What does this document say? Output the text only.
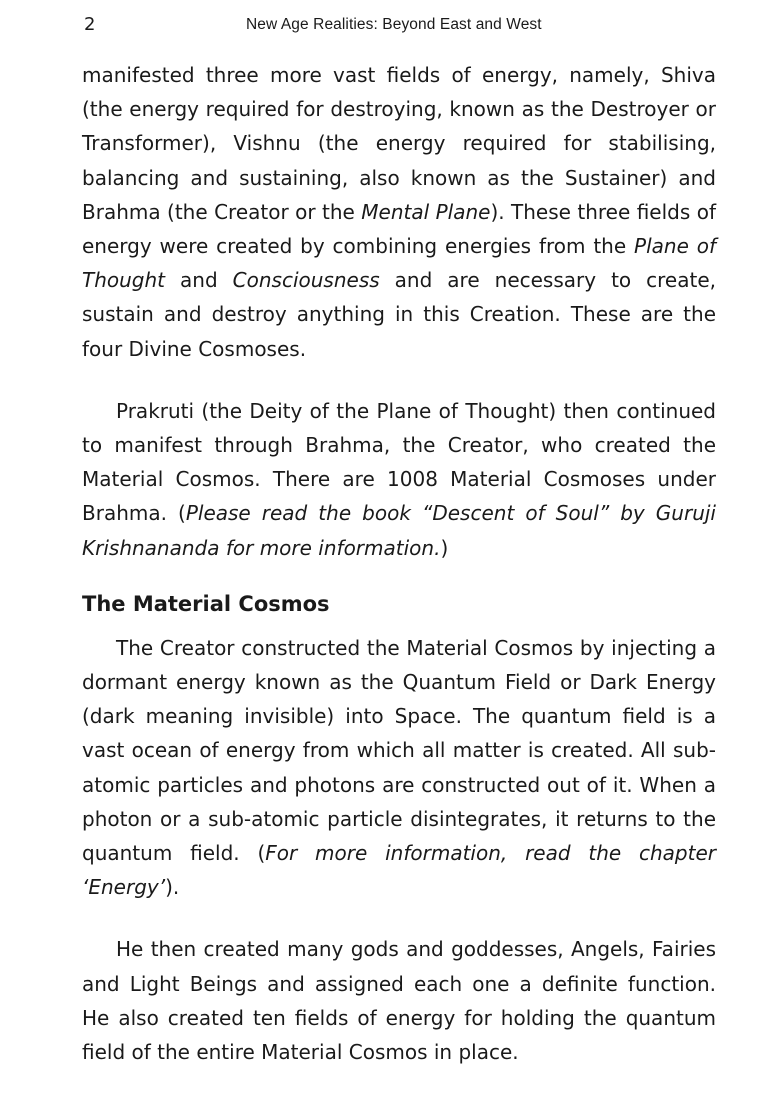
2	New Age Realities: Beyond East and West

manifested three more vast fields of energy, namely, Shiva (the energy required for destroying, known as the Destroyer or Transformer), Vishnu (the energy required for stabilising, balancing and sustaining, also known as the Sustainer) and Brahma (the Creator or the Mental Plane). These three fields of energy were created by combining energies from the Plane of Thought and Consciousness and are necessary to create, sustain and destroy anything in this Creation. These are the four Divine Cosmoses.

Prakruti (the Deity of the Plane of Thought) then continued to manifest through Brahma, the Creator, who created the Material Cosmos. There are 1008 Material Cosmoses under Brahma. (Please read the book “Descent of Soul” by Guruji Krishnananda for more information.)

The Material Cosmos

The Creator constructed the Material Cosmos by injecting a dormant energy known as the Quantum Field or Dark Energy (dark meaning invisible) into Space. The quantum field is a vast ocean of energy from which all matter is created. All sub-atomic particles and photons are constructed out of it. When a photon or a sub-atomic particle disintegrates, it returns to the quantum field. (For more information, read the chapter ‘Energy’).

He then created many gods and goddesses, Angels, Fairies and Light Beings and assigned each one a definite function. He also created ten fields of energy for holding the quantum field of the entire Material Cosmos in place.
